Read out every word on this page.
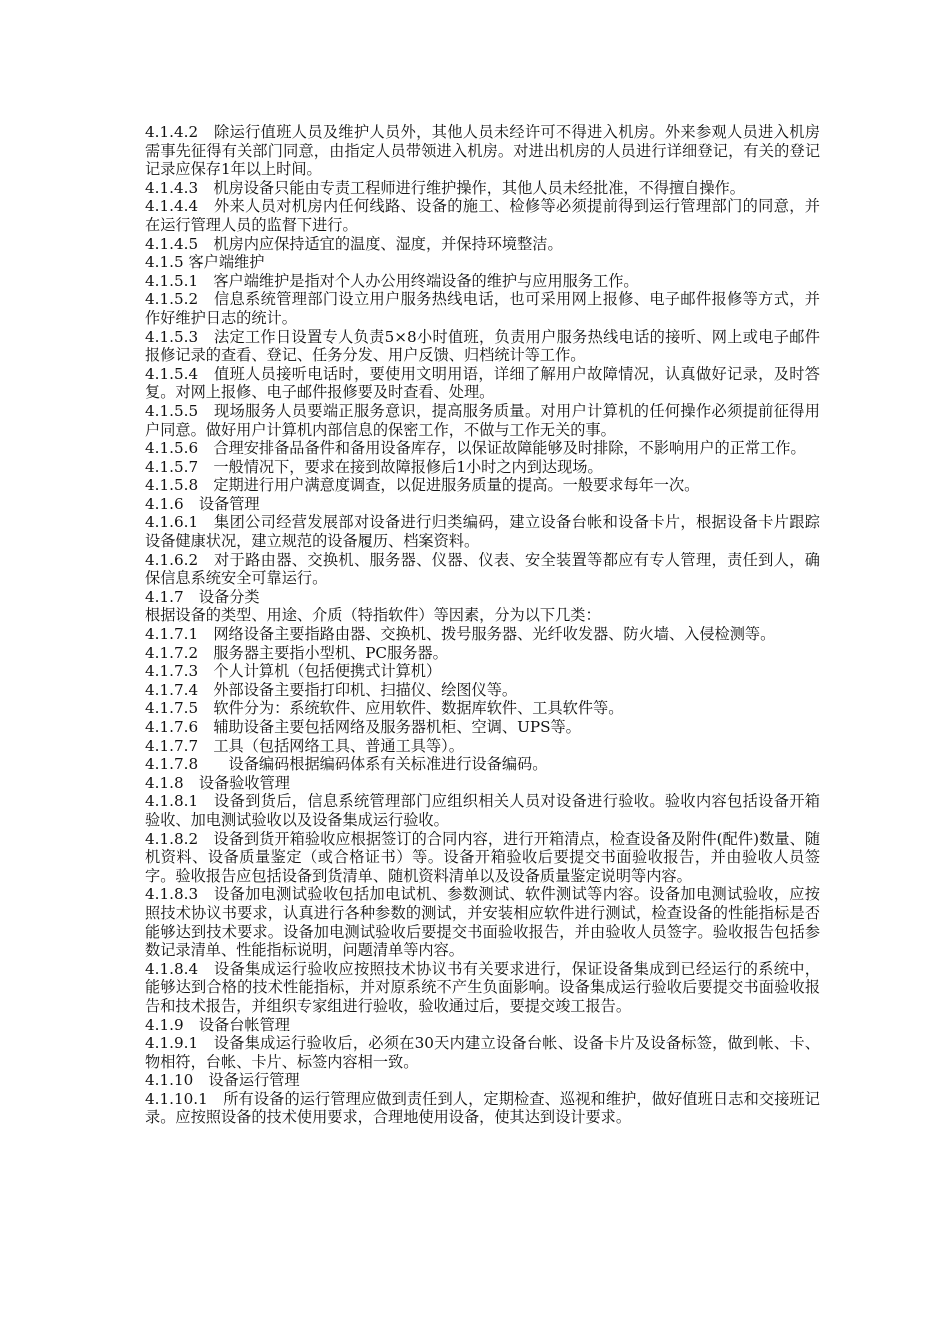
4.1.4.2　除运行值班人员及维护人员外，其他人员未经许可不得进入机房。外来参观人员进入机房需事先征得有关部门同意，由指定人员带领进入机房。对进出机房的人员进行详细登记，有关的登记记录应保存1年以上时间。

4.1.4.3　机房设备只能由专责工程师进行维护操作，其他人员未经批准，不得擅自操作。

4.1.4.4　外来人员对机房内任何线路、设备的施工、检修等必须提前得到运行管理部门的同意，并在运行管理人员的监督下进行。

4.1.4.5　机房内应保持适宜的温度、湿度，并保持环境整洁。

4.1.5 客户端维护

4.1.5.1　客户端维护是指对个人办公用终端设备的维护与应用服务工作。

4.1.5.2　信息系统管理部门设立用户服务热线电话，也可采用网上报修、电子邮件报修等方式，并作好维护日志的统计。

4.1.5.3　法定工作日设置专人负责5×8小时值班，负责用户服务热线电话的接听、网上或电子邮件报修记录的查看、登记、任务分发、用户反馈、归档统计等工作。

4.1.5.4　值班人员接听电话时，要使用文明用语，详细了解用户故障情况，认真做好记录，及时答复。对网上报修、电子邮件报修要及时查看、处理。

4.1.5.5　现场服务人员要端正服务意识，提高服务质量。对用户计算机的任何操作必须提前征得用户同意。做好用户计算机内部信息的保密工作，不做与工作无关的事。

4.1.5.6　合理安排备品备件和备用设备库存，以保证故障能够及时排除，不影响用户的正常工作。

4.1.5.7　一般情况下，要求在接到故障报修后1小时之内到达现场。

4.1.5.8　定期进行用户满意度调查，以促进服务质量的提高。一般要求每年一次。

4.1.6　设备管理

4.1.6.1　集团公司经营发展部对设备进行归类编码，建立设备台帐和设备卡片，根据设备卡片跟踪设备健康状况，建立规范的设备履历、档案资料。

4.1.6.2　对于路由器、交换机、服务器、仪器、仪表、安全装置等都应有专人管理，责任到人，确保信息系统安全可靠运行。

4.1.7　设备分类

根据设备的类型、用途、介质（特指软件）等因素，分为以下几类：

4.1.7.1　网络设备主要指路由器、交换机、拨号服务器、光纤收发器、防火墙、入侵检测等。

4.1.7.2　服务器主要指小型机、PC服务器。

4.1.7.3　个人计算机（包括便携式计算机）

4.1.7.4　外部设备主要指打印机、扫描仪、绘图仪等。

4.1.7.5　软件分为：系统软件、应用软件、数据库软件、工具软件等。

4.1.7.6　辅助设备主要包括网络及服务器机柜、空调、UPS等。

4.1.7.7　工具（包括网络工具、普通工具等）。

4.1.7.8　　设备编码根据编码体系有关标准进行设备编码。

4.1.8　设备验收管理

4.1.8.1　设备到货后，信息系统管理部门应组织相关人员对设备进行验收。验收内容包括设备开箱验收、加电测试验收以及设备集成运行验收。

4.1.8.2　设备到货开箱验收应根据签订的合同内容，进行开箱清点，检查设备及附件(配件)数量、随机资料、设备质量鉴定（或合格证书）等。设备开箱验收后要提交书面验收报告，并由验收人员签字。验收报告应包括设备到货清单、随机资料清单以及设备质量鉴定说明等内容。

4.1.8.3　设备加电测试验收包括加电试机、参数测试、软件测试等内容。设备加电测试验收，应按照技术协议书要求，认真进行各种参数的测试，并安装相应软件进行测试，检查设备的性能指标是否能够达到技术要求。设备加电测试验收后要提交书面验收报告，并由验收人员签字。验收报告包括参数记录清单、性能指标说明，问题清单等内容。

4.1.8.4　设备集成运行验收应按照技术协议书有关要求进行，保证设备集成到已经运行的系统中，能够达到合格的技术性能指标，并对原系统不产生负面影响。设备集成运行验收后要提交书面验收报告和技术报告，并组织专家组进行验收，验收通过后，要提交竣工报告。

4.1.9　设备台帐管理

4.1.9.1　设备集成运行验收后，必须在30天内建立设备台帐、设备卡片及设备标签，做到帐、卡、物相符，台帐、卡片、标签内容相一致。

4.1.10　设备运行管理

4.1.10.1　所有设备的运行管理应做到责任到人，定期检查、巡视和维护，做好值班日志和交接班记录。应按照设备的技术使用要求，合理地使用设备，使其达到设计要求。
